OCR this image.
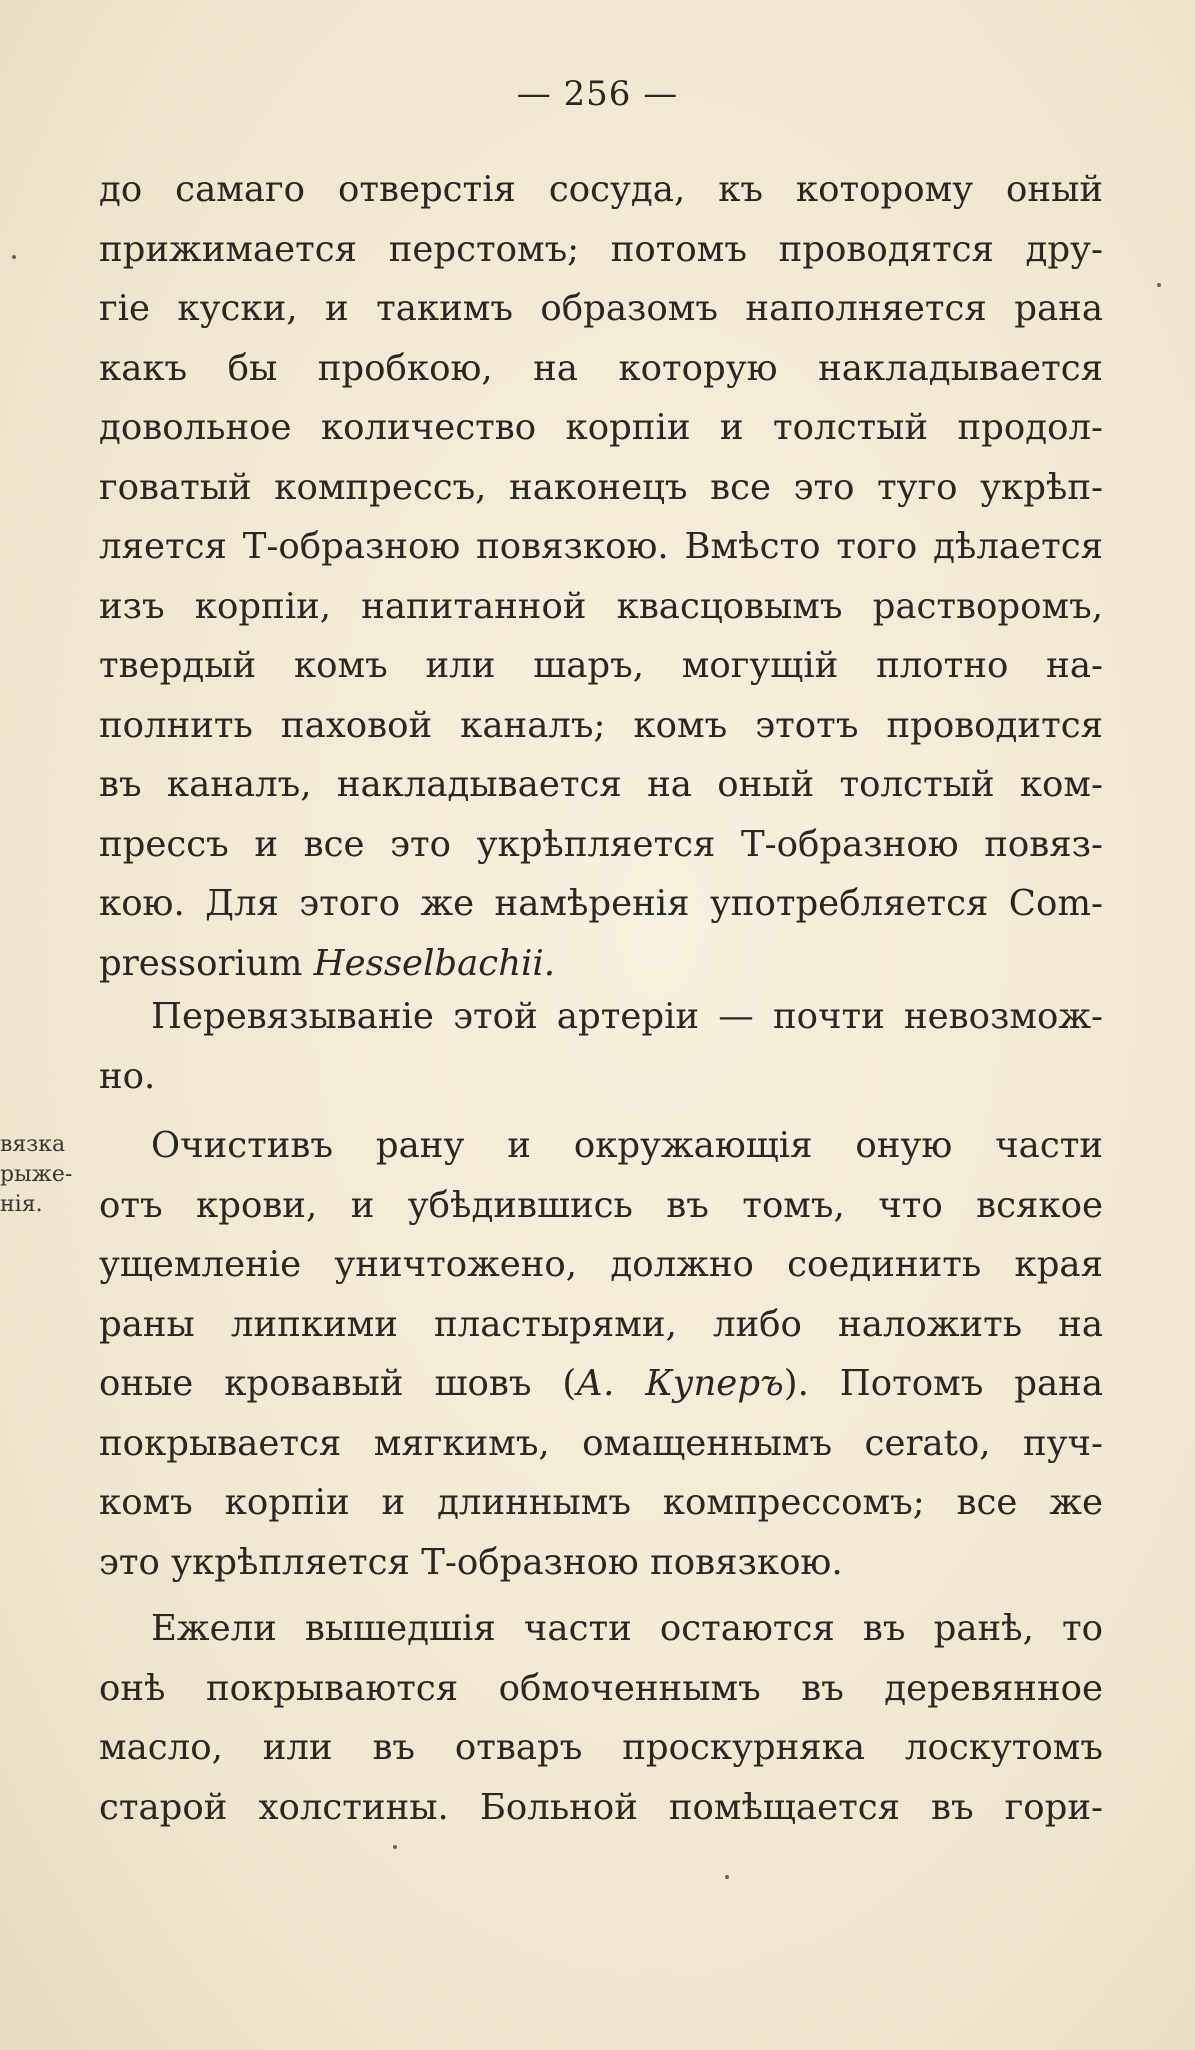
— 256 —
вязка
рыже-
нія.
до самаго отверстія сосуда, къ которому оный
прижимается перстомъ; потомъ проводятся дру-
гіе куски, и такимъ образомъ наполняется рана
какъ бы пробкою, на которую накладывается
довольное количество корпіи и толстый продол-
говатый компрессъ, наконецъ все это туго укрѣп-
ляется Т-образною повязкою. Вмѣсто того дѣлается
изъ корпіи, напитанной квасцовымъ растворомъ,
твердый комъ или шаръ, могущій плотно на-
полнить паховой каналъ; комъ этотъ проводится
въ каналъ, накладывается на оный толстый ком-
прессъ и все это укрѣпляется Т-образною повяз-
кою. Для этого же намѣренія употребляется Com-
pressorium Hesselbachii.
Перевязываніе этой артеріи — почти невозмож-
но.
Очистивъ рану и окружающія оную части
отъ крови, и убѣдившись въ томъ, что всякое
ущемленіе уничтожено, должно соединить края
раны липкими пластырями, либо наложить на
оные кровавый шовъ (А. Куперъ). Потомъ рана
покрывается мягкимъ, омащеннымъ cerato, пуч-
комъ корпіи и длиннымъ компрессомъ; все же
это укрѣпляется Т-образною повязкою.
Ежели вышедшія части остаются въ ранѣ, то
онѣ покрываются обмоченнымъ въ деревянное
масло, или въ отваръ проскурняка лоскутомъ
старой холстины. Больной помѣщается въ гори-
